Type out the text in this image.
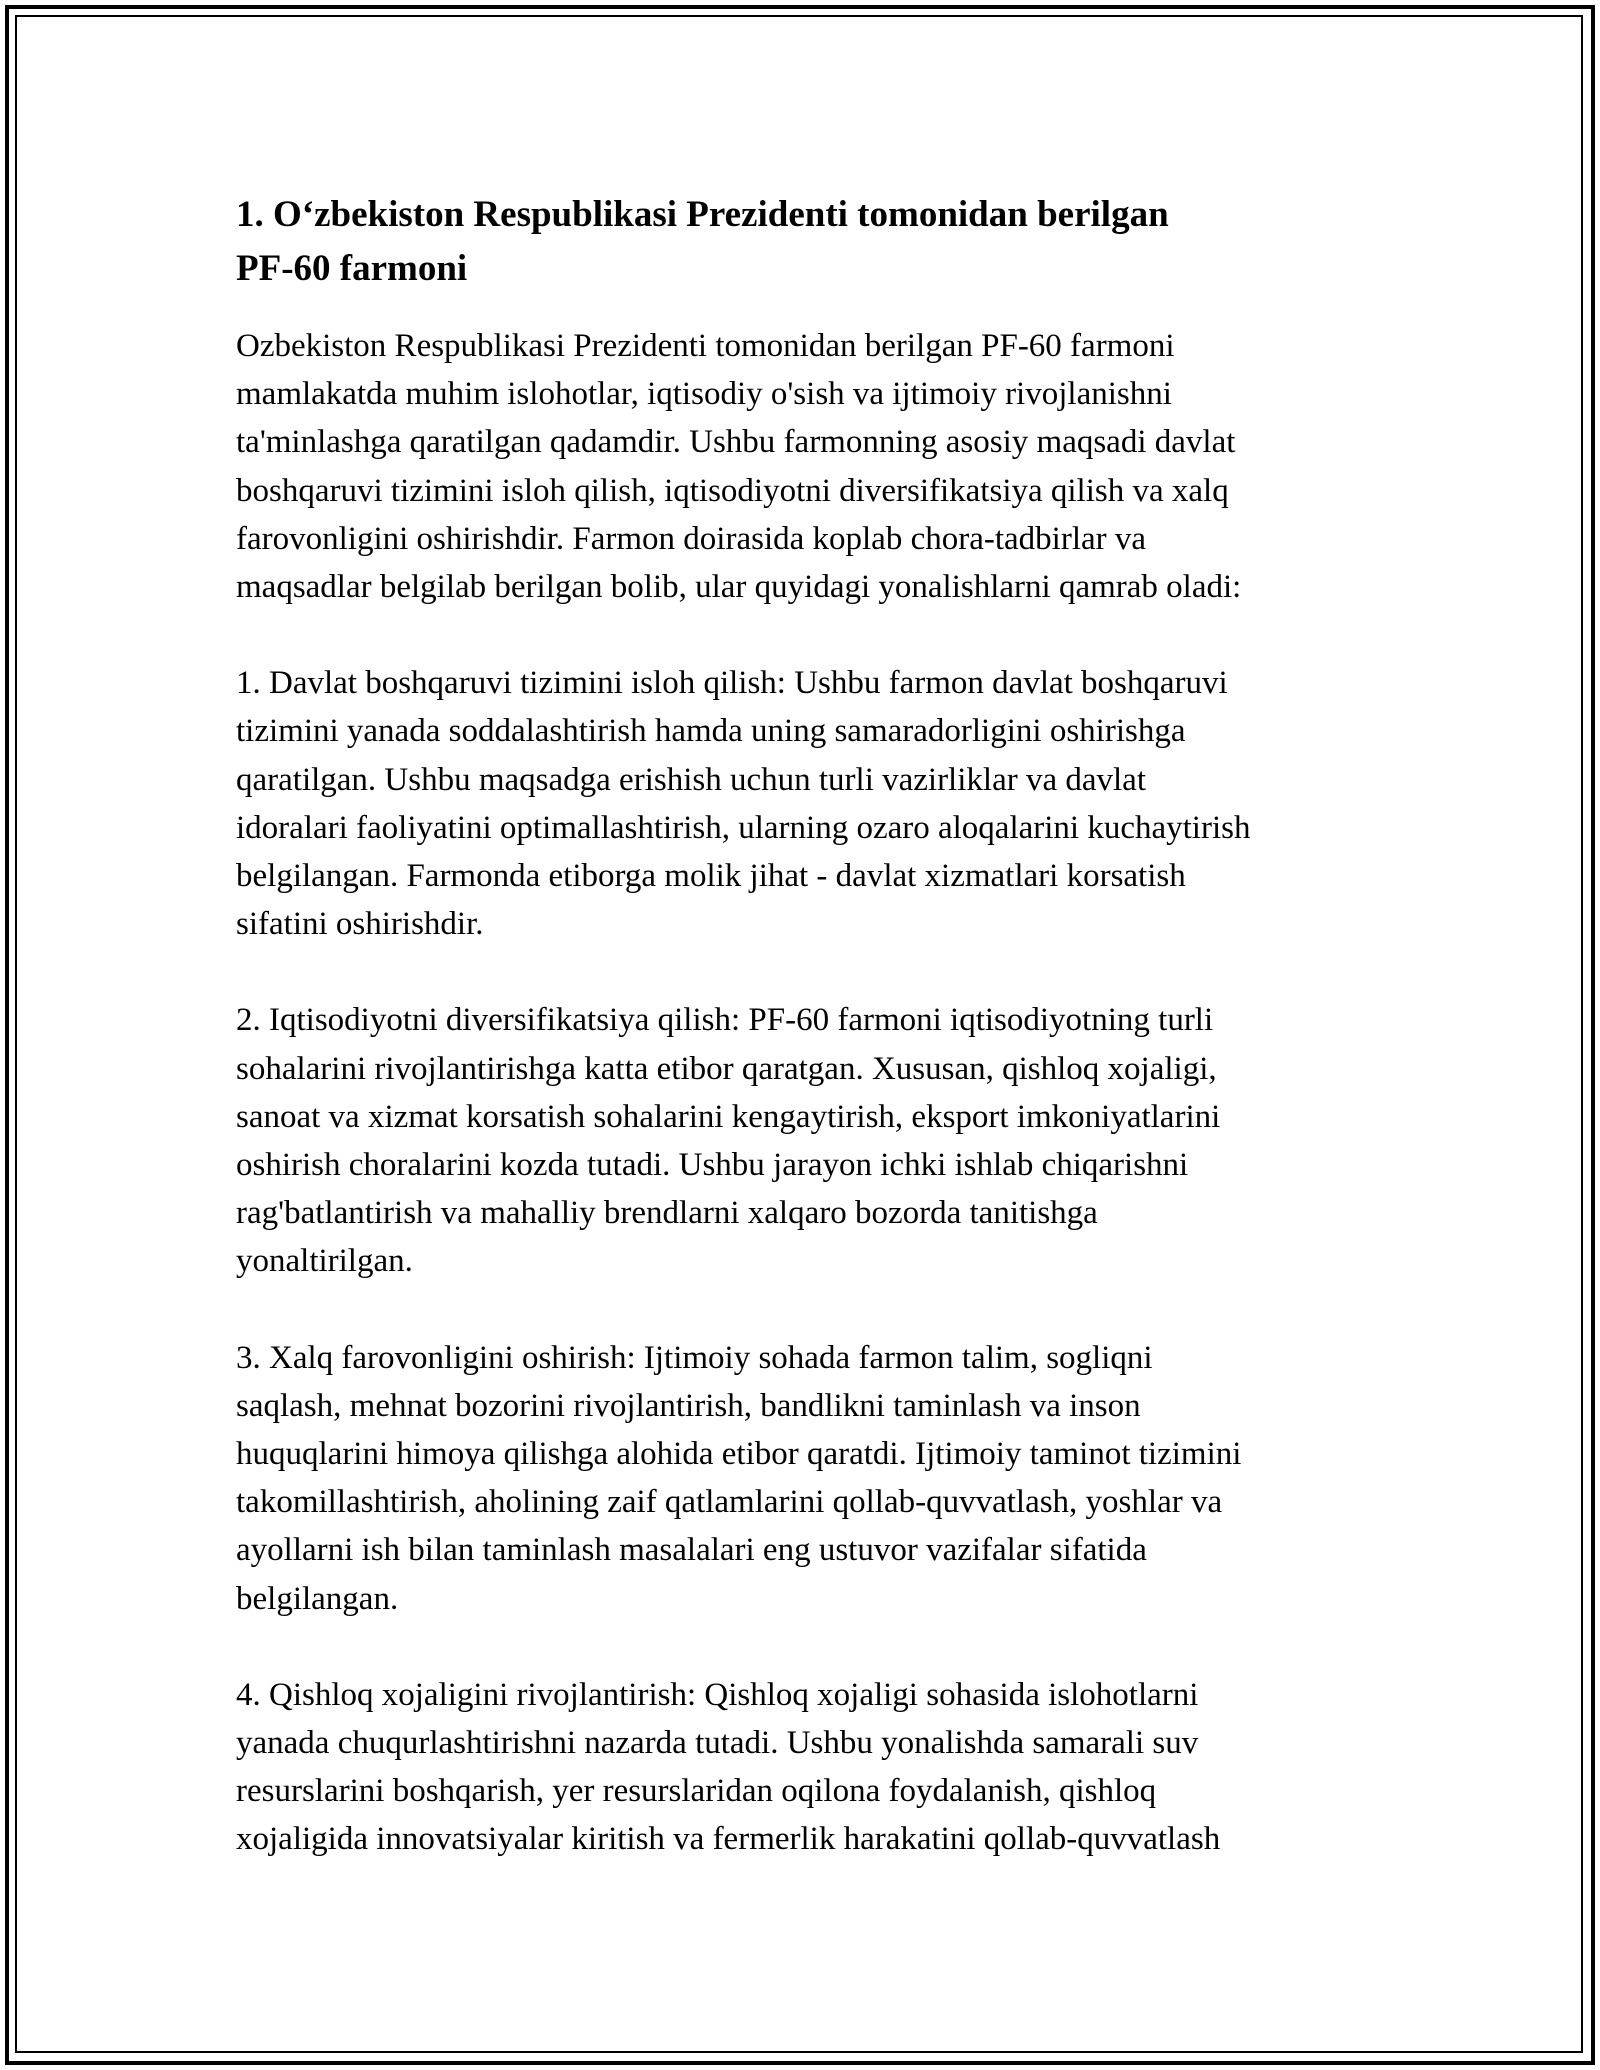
1. O‘zbekiston Respublikasi Prezidenti tomonidan berilgan
PF-60 farmoni

Ozbekiston Respublikasi Prezidenti tomonidan berilgan PF-60 farmoni
mamlakatda muhim islohotlar, iqtisodiy o'sish va ijtimoiy rivojlanishni
ta'minlashga qaratilgan qadamdir. Ushbu farmonning asosiy maqsadi davlat
boshqaruvi tizimini isloh qilish, iqtisodiyotni diversifikatsiya qilish va xalq
farovonligini oshirishdir. Farmon doirasida koplab chora-tadbirlar va
maqsadlar belgilab berilgan bolib, ular quyidagi yonalishlarni qamrab oladi:

1. Davlat boshqaruvi tizimini isloh qilish: Ushbu farmon davlat boshqaruvi
tizimini yanada soddalashtirish hamda uning samaradorligini oshirishga
qaratilgan. Ushbu maqsadga erishish uchun turli vazirliklar va davlat
idoralari faoliyatini optimallashtirish, ularning ozaro aloqalarini kuchaytirish
belgilangan. Farmonda etiborga molik jihat - davlat xizmatlari korsatish
sifatini oshirishdir.

2. Iqtisodiyotni diversifikatsiya qilish: PF-60 farmoni iqtisodiyotning turli
sohalarini rivojlantirishga katta etibor qaratgan. Xususan, qishloq xojaligi,
sanoat va xizmat korsatish sohalarini kengaytirish, eksport imkoniyatlarini
oshirish choralarini kozda tutadi. Ushbu jarayon ichki ishlab chiqarishni
rag'batlantirish va mahalliy brendlarni xalqaro bozorda tanitishga
yonaltirilgan.

3. Xalq farovonligini oshirish: Ijtimoiy sohada farmon talim, sogliqni
saqlash, mehnat bozorini rivojlantirish, bandlikni taminlash va inson
huquqlarini himoya qilishga alohida etibor qaratdi. Ijtimoiy taminot tizimini
takomillashtirish, aholining zaif qatlamlarini qollab-quvvatlash, yoshlar va
ayollarni ish bilan taminlash masalalari eng ustuvor vazifalar sifatida
belgilangan.

4. Qishloq xojaligini rivojlantirish: Qishloq xojaligi sohasida islohotlarni
yanada chuqurlashtirishni nazarda tutadi. Ushbu yonalishda samarali suv
resurslarini boshqarish, yer resurslaridan oqilona foydalanish, qishloq
xojaligida innovatsiyalar kiritish va fermerlik harakatini qollab-quvvatlash
